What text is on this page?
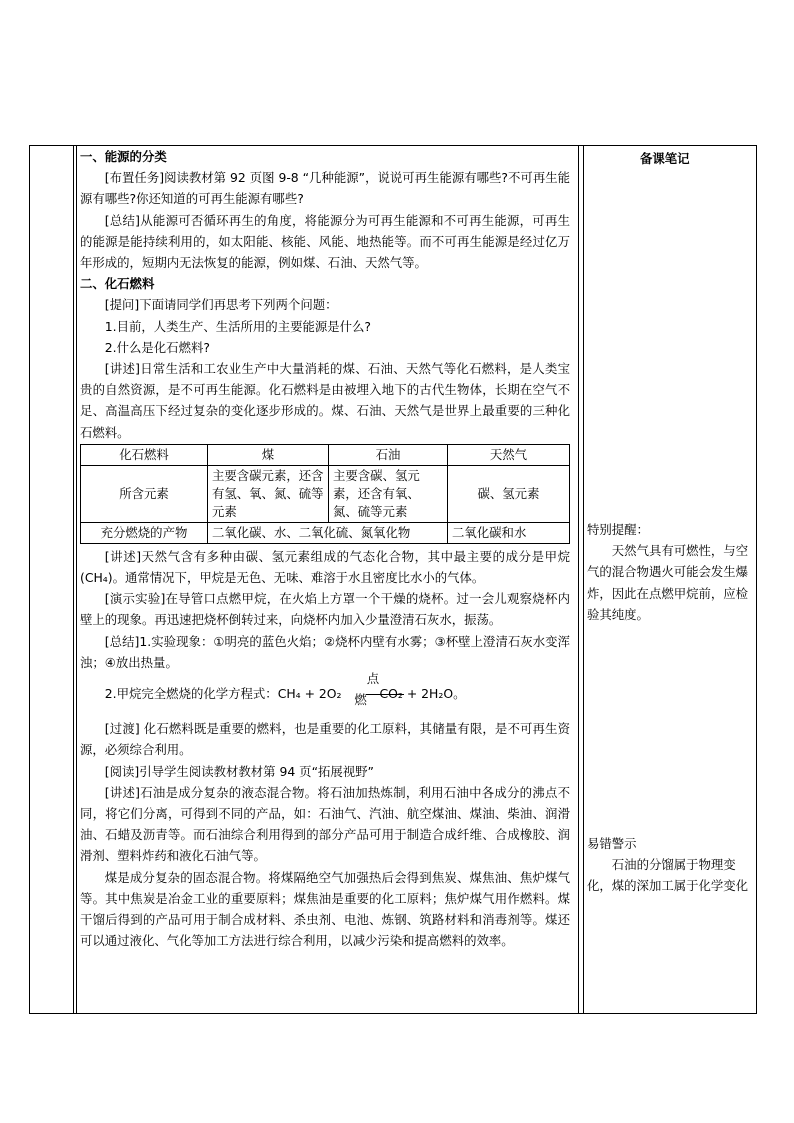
备课笔记

一、能源的分类

[布置任务]阅读教材第 92 页图 9-8 “几种能源”，说说可再生能源有哪些?不可再生能源有哪些?你还知道的可再生能源有哪些?

[总结]从能源可否循环再生的角度，将能源分为可再生能源和不可再生能源，可再生的能源是能持续利用的，如太阳能、核能、风能、地热能等。而不可再生能源是经过亿万年形成的，短期内无法恢复的能源，例如煤、石油、天然气等。

二、化石燃料

[提问]下面请同学们再思考下列两个问题：

1.目前，人类生产、生活所用的主要能源是什么?

2.什么是化石燃料?

[讲述]日常生活和工农业生产中大量消耗的煤、石油、天然气等化石燃料，是人类宝贵的自然资源，是不可再生能源。化石燃料是由被埋入地下的古代生物体，长期在空气不足、高温高压下经过复杂的变化逐步形成的。煤、石油、天然气是世界上最重要的三种化石燃料。

化石燃料	煤	石油	天然气
所含元素	主要含碳元素，还含有氢、氧、氮、硫等元素	主要含碳、氢元素，还含有氧、氮、硫等元素	碳、氢元素
充分燃烧的产物	二氧化碳、水、二氧化硫、氮氧化物		二氧化碳和水

[讲述]天然气含有多种由碳、氢元素组成的气态化合物，其中最主要的成分是甲烷(CH₄)。通常情况下，甲烷是无色、无味、难溶于水且密度比水小的气体。

[演示实验]在导管口点燃甲烷，在火焰上方罩一个干燥的烧杯。过一会儿观察烧杯内壁上的现象。再迅速把烧杯倒转过来，向烧杯内加入少量澄清石灰水，振荡。

[总结]1.实验现象：①明亮的蓝色火焰；②烧杯内壁有水雾；③杯壁上澄清石灰水变浑浊；④放出热量。

2.甲烷完全燃烧的化学方程式：CH₄ + 2O₂
点燃	CO₂ + 2H₂O。

[过渡] 化石燃料既是重要的燃料，也是重要的化工原料，其储量有限，是不可再生资源，必须综合利用。

[阅读]引导学生阅读教材教材第 94 页“拓展视野”

[讲述]石油是成分复杂的液态混合物。将石油加热炼制，利用石油中各成分的沸点不同，将它们分离，可得到不同的产品，如：石油气、汽油、航空煤油、煤油、柴油、润滑油、石蜡及沥青等。而石油综合利用得到的部分产品可用于制造合成纤维、合成橡胶、润滑剂、塑料炸药和液化石油气等。

煤是成分复杂的固态混合物。将煤隔绝空气加强热后会得到焦炭、煤焦油、焦炉煤气等。其中焦炭是冶金工业的重要原料；煤焦油是重要的化工原料；焦炉煤气用作燃料。煤干馏后得到的产品可用于制合成材料、杀虫剂、电池、炼钢、筑路材料和消毒剂等。煤还可以通过液化、气化等加工方法进行综合利用，以减少污染和提高燃料的效率。

特别提醒：

天然气具有可燃性，与空气的混合物遇火可能会发生爆炸，因此在点燃甲烷前，应检验其纯度。

易错警示

石油的分馏属于物理变化，煤的深加工属于化学变化
